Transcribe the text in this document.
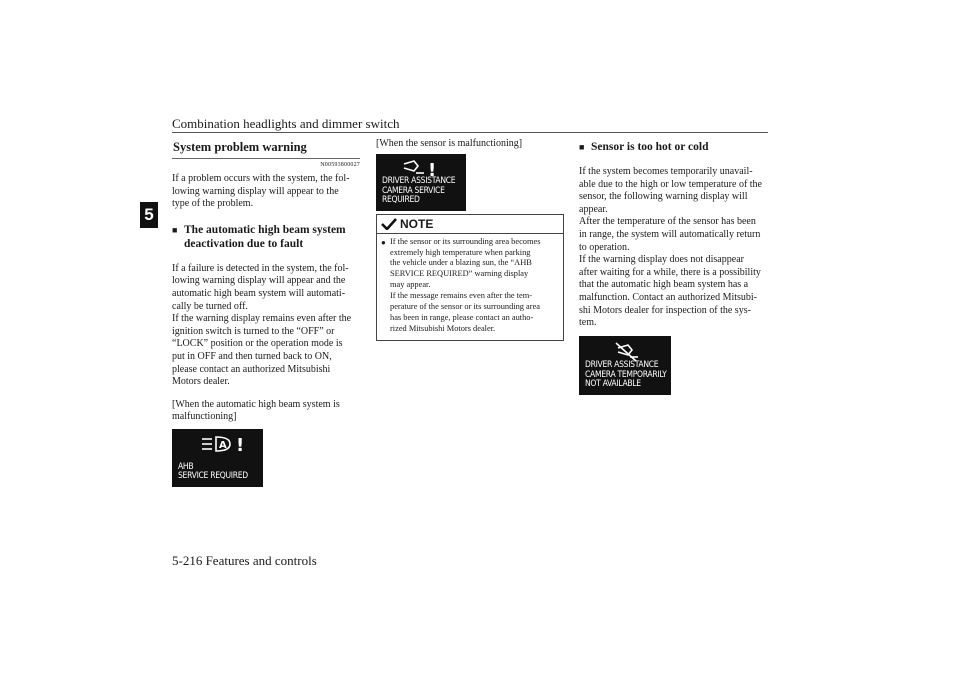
Combination headlights and dimmer switch
5
5-216 Features and controls
System problem warning
N00593800027

If a problem occurs with the system, the fol-
lowing warning display will appear to the
type of the problem.

■ The automatic high beam system
deactivation due to fault

If a failure is detected in the system, the fol-
lowing warning display will appear and the
automatic high beam system will automati-
cally be turned off.
If the warning display remains even after the
ignition switch is turned to the “OFF” or
“LOCK” position or the operation mode is
put in OFF and then turned back to ON,
please contact an authorized Mitsubishi
Motors dealer.

[When the automatic high beam system is
malfunctioning]

A !
AHB
SERVICE REQUIRED

[When the sensor is malfunctioning]

!
DRIVER ASSISTANCE
CAMERA SERVICE
REQUIRED
NOTE
● If the sensor or its surrounding area becomes
extremely high temperature when parking
the vehicle under a blazing sun, the “AHB
SERVICE REQUIRED” warning display
may appear.
If the message remains even after the tem-
perature of the sensor or its surrounding area
has been in range, please contact an autho-
rized Mitsubishi Motors dealer.

■ Sensor is too hot or cold

If the system becomes temporarily unavail-
able due to the high or low temperature of the
sensor, the following warning display will
appear.
After the temperature of the sensor has been
in range, the system will automatically return
to operation.
If the warning display does not disappear
after waiting for a while, there is a possibility
that the automatic high beam system has a
malfunction. Contact an authorized Mitsubi-
shi Motors dealer for inspection of the sys-
tem.

DRIVER ASSISTANCE
CAMERA TEMPORARILY
NOT AVAILABLE
